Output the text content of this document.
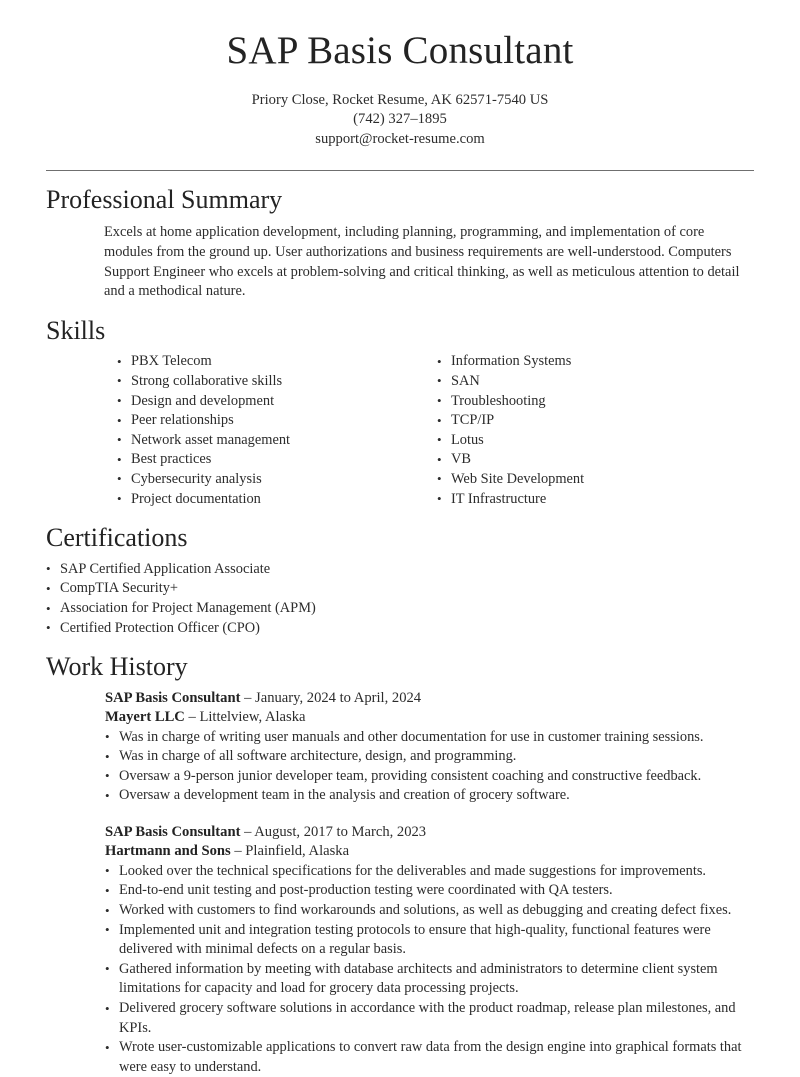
SAP Basis Consultant
Priory Close, Rocket Resume, AK 62571-7540 US
(742) 327–1895
support@rocket-resume.com
Professional Summary

Excels at home application development, including planning, programming, and implementation of core modules from the ground up. User authorizations and business requirements are well-understood. Computers Support Engineer who excels at problem-solving and critical thinking, as well as meticulous attention to detail and a methodical nature.

Skills
• PBX Telecom
• Strong collaborative skills
• Design and development
• Peer relationships
• Network asset management
• Best practices
• Cybersecurity analysis
• Project documentation
• Information Systems
• SAN
• Troubleshooting
• TCP/IP
• Lotus
• VB
• Web Site Development
• IT Infrastructure
Certifications
• SAP Certified Application Associate
• CompTIA Security+
• Association for Project Management (APM)
• Certified Protection Officer (CPO)
Work History
SAP Basis Consultant – January, 2024 to April, 2024
Mayert LLC – Littelview, Alaska
• Was in charge of writing user manuals and other documentation for use in customer training sessions.
• Was in charge of all software architecture, design, and programming.
• Oversaw a 9-person junior developer team, providing consistent coaching and constructive feedback.
• Oversaw a development team in the analysis and creation of grocery software.
SAP Basis Consultant – August, 2017 to March, 2023
Hartmann and Sons – Plainfield, Alaska
• Looked over the technical specifications for the deliverables and made suggestions for improvements.
• End-to-end unit testing and post-production testing were coordinated with QA testers.
• Worked with customers to find workarounds and solutions, as well as debugging and creating defect fixes.
• Implemented unit and integration testing protocols to ensure that high-quality, functional features were delivered with minimal defects on a regular basis.
• Gathered information by meeting with database architects and administrators to determine client system limitations for capacity and load for grocery data processing projects.
• Delivered grocery software solutions in accordance with the product roadmap, release plan milestones, and KPIs.
• Wrote user-customizable applications to convert raw data from the design engine into graphical formats that were easy to understand.
